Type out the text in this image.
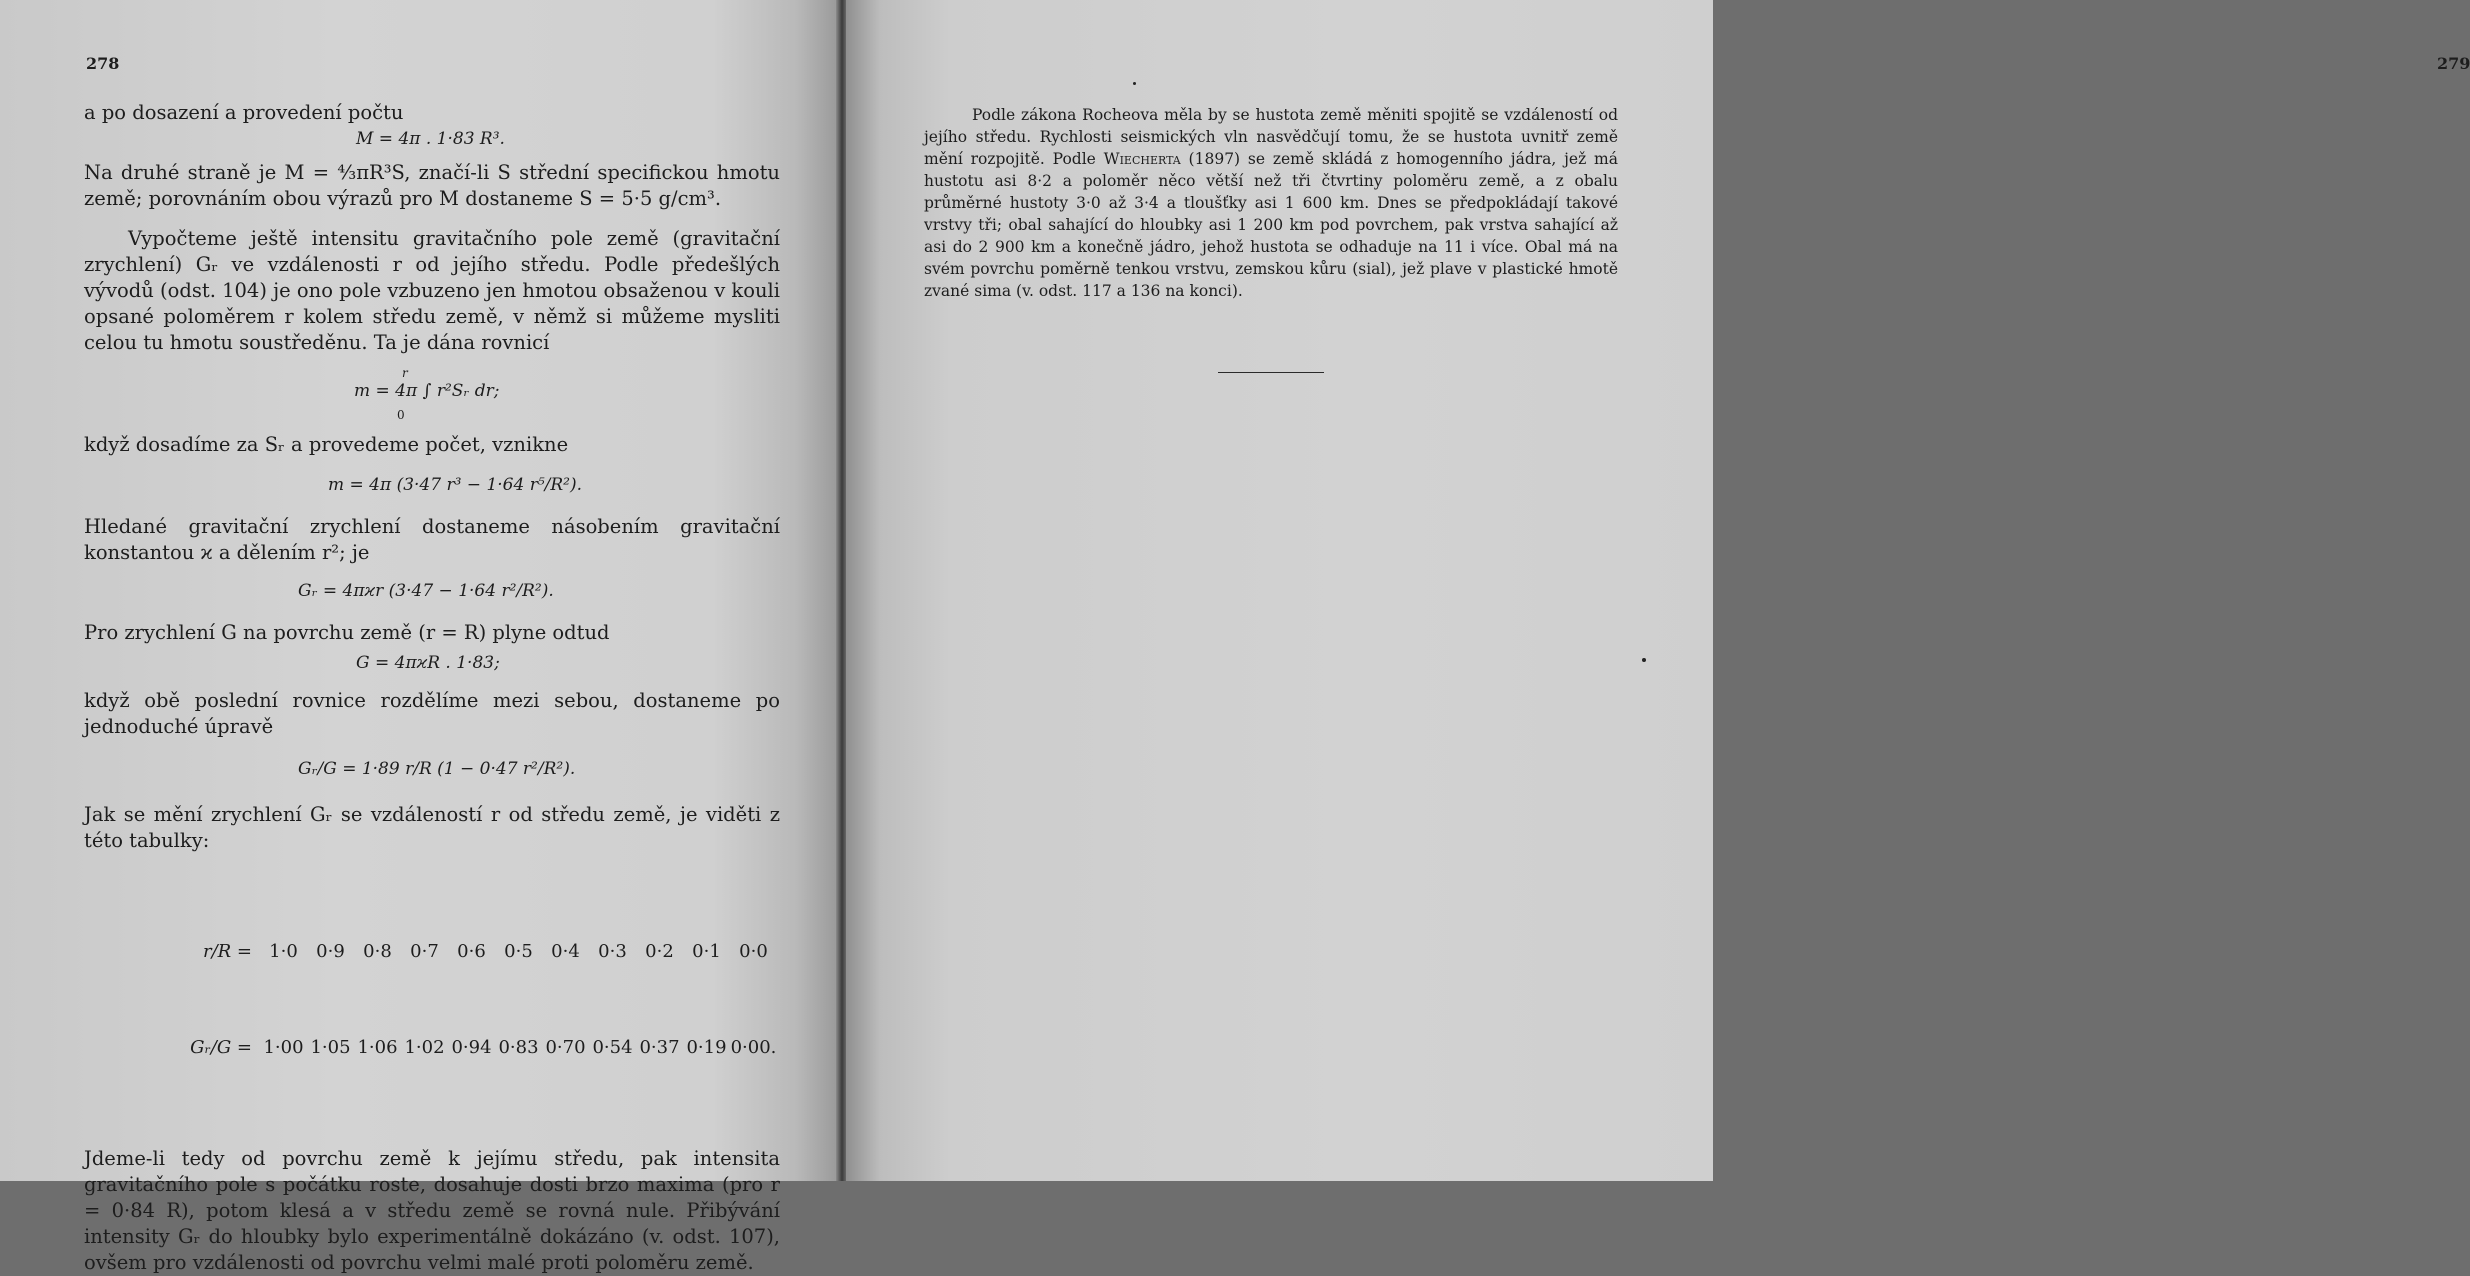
278

a po dosazení a provedení počtu

M = 4π . 1·83 R³.

Na druhé straně je M = ⁴⁄₃πR³S, značí-li S střední specifickou hmotu země; porovnáním obou výrazů pro M dostaneme S = 5·5 g/cm³.

Vypočteme ještě intensitu gravitačního pole země (gravitační zrychlení) Gᵣ ve vzdálenosti r od jejího středu. Podle předešlých vývodů (odst. 104) je ono pole vzbuzeno jen hmotou obsaženou v kouli opsané poloměrem r kolem středu země, v němž si můžeme mysliti celou tu hmotu soustředěnu. Ta je dána rovnicí

r
m = 4π ∫ r²Sᵣ dr;
0

když dosadíme za Sᵣ a provedeme počet, vznikne

m = 4π (3·47 r³ − 1·64 r⁵/R²).

Hledané gravitační zrychlení dostaneme násobením gravitační konstantou ϰ a dělením r²; je

Gᵣ = 4πϰr (3·47 − 1·64 r²/R²).

Pro zrychlení G na povrchu země (r = R) plyne odtud

G = 4πϰR . 1·83;

když obě poslední rovnice rozdělíme mezi sebou, dostaneme po jednoduché úpravě

Gᵣ/G = 1·89 r/R (1 − 0·47 r²/R²).

Jak se mění zrychlení Gᵣ se vzdáleností r od středu země, je viděti z této tabulky:

r/R = 1·0	0·9	0·8	0·7	0·6	0·5	0·4	0·3	0·2	0·1	0·0

Gᵣ/G = 1·00 1·05 1·06 1·02 0·94 0·83 0·70 0·54 0·37 0·19 0·00.

Jdeme-li tedy od povrchu země k jejímu středu, pak intensita gravitačního pole s počátku roste, dosahuje dosti brzo maxima (pro r = 0·84 R), potom klesá a v středu země se rovná nule. Přibývání intensity Gᵣ do hloubky bylo experimentálně dokázáno (v. odst. 107), ovšem pro vzdálenosti od povrchu velmi malé proti poloměru země.

279

Podle zákona Rocheova měla by se hustota země měniti spojitě se vzdáleností od jejího středu. Rychlosti seismických vln nasvědčují tomu, že se hustota uvnitř země mění rozpojitě. Podle Wiecherta (1897) se země skládá z homogenního jádra, jež má hustotu asi 8·2 a poloměr něco větší než tři čtvrtiny poloměru země, a z obalu průměrné hustoty 3·0 až 3·4 a tloušťky asi 1 600 km. Dnes se předpokládají takové vrstvy tři; obal sahající do hloubky asi 1 200 km pod povrchem, pak vrstva sahající až asi do 2 900 km a konečně jádro, jehož hustota se odhaduje na 11 i více. Obal má na svém povrchu poměrně tenkou vrstvu, zemskou kůru (sial), jež plave v plastické hmotě zvané sima (v. odst. 117 a 136 na konci).
